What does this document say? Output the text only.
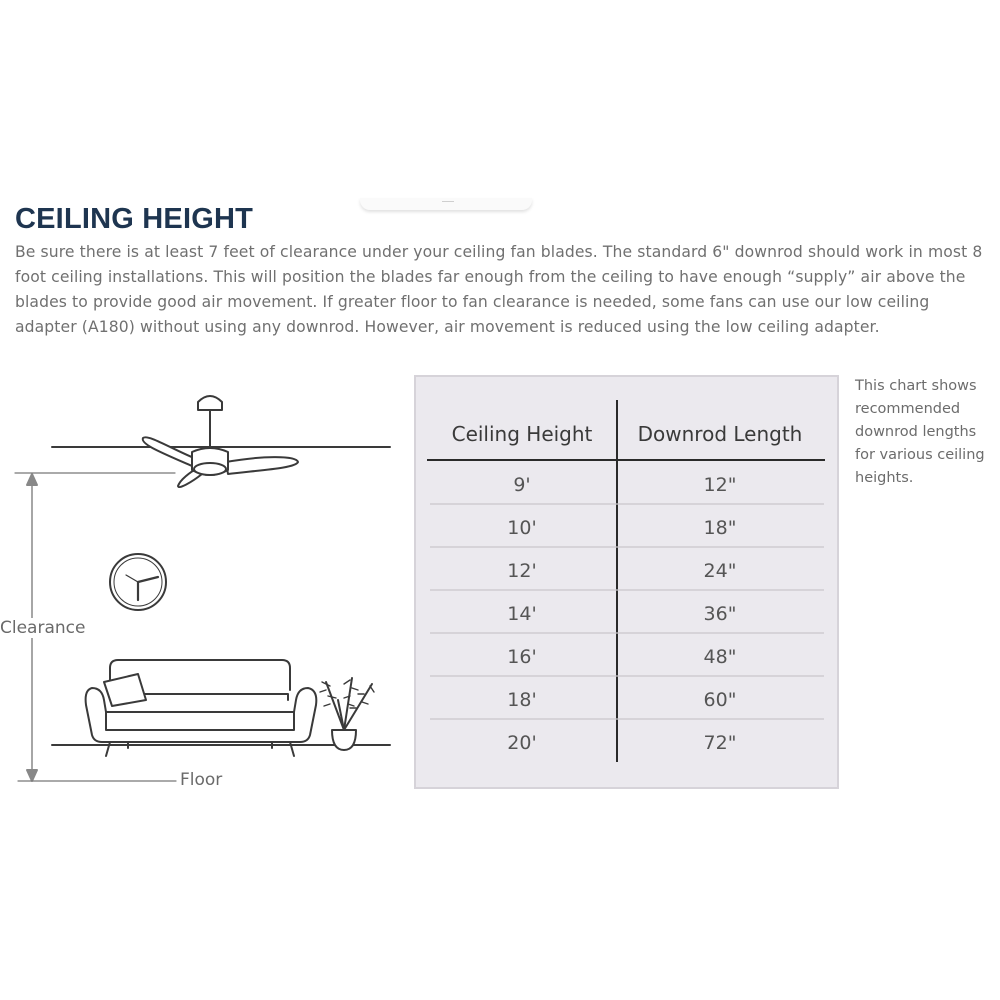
CEILING HEIGHT

Be sure there is at least 7 feet of clearance under your ceiling fan blades. The standard 6" downrod should work in most 8 foot ceiling installations. This will position the blades far enough from the ceiling to have enough “supply” air above the blades to provide good air movement. If greater floor to fan clearance is needed, some fans can use our low ceiling adapter (A180) without using any downrod. However, air movement is reduced using the low ceiling adapter.

Clearance
Floor
Ceiling Height	Downrod Length
9'	12"
10'	18"
12'	24"
14'	36"
16'	48"
18'	60"
20'	72"

This chart shows recommended downrod lengths for various ceiling heights.
